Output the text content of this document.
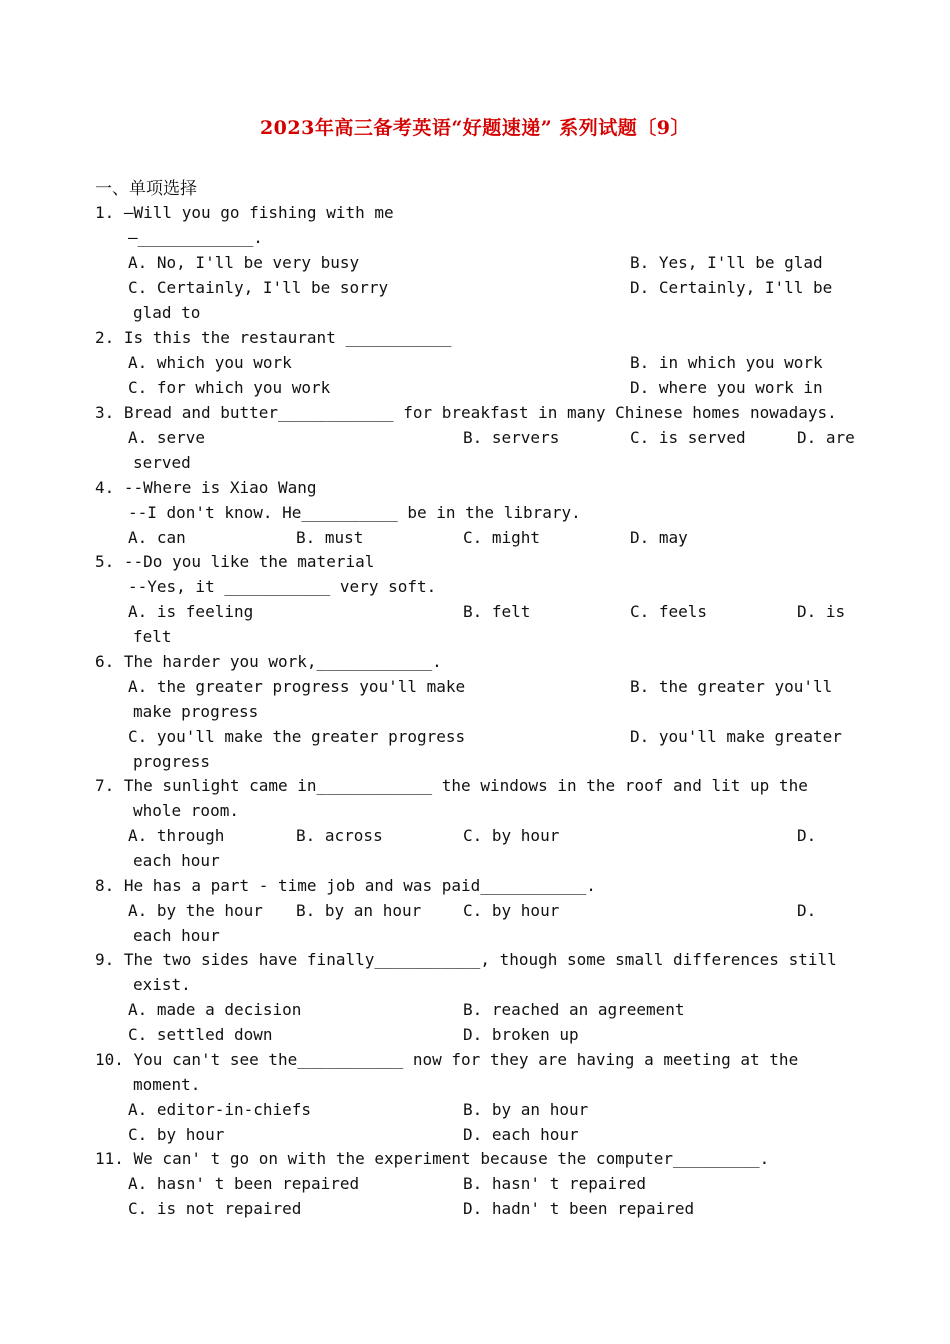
2023年高三备考英语“好题速递” 系列试题〔9〕
一、单项选择
1. —Will you go fishing with me
—____________.
A. No, I'll be very busy	B. Yes, I'll be glad
C. Certainly, I'll be sorry	D. Certainly, I'll be
glad to
2. Is this the restaurant ___________
A. which you work	B. in which you work
C. for which you work	D. where you work in
3. Bread and butter____________ for breakfast in many Chinese homes nowadays.
A. serve	B. servers	C. is served	D. are
served
4. --Where is Xiao Wang
--I don't know. He__________ be in the library.
A. can	B. must	C. might	D. may
5. --Do you like the material
--Yes, it ___________ very soft.
A. is feeling	B. felt	C. feels	D. is
felt
6. The harder you work,____________.
A. the greater progress you'll make	B. the greater you'll
make progress
C. you'll make the greater progress	D. you'll make greater
progress
7. The sunlight came in____________ the windows in the roof and lit up the
whole room.
A. through	B. across	C. by hour	D.
each hour
8. He has a part - time job and was paid___________.
A. by the hour B. by an hour	C. by hour	D.
each hour
9. The two sides have finally___________, though some small differences still
exist.
A. made a decision	B. reached an agreement
C. settled down	D. broken up
10. You can't see the___________ now for they are having a meeting at the
moment.
A. editor-in-chiefs	B. by an hour
C. by hour	D. each hour
11. We can' t go on with the experiment because the computer_________.
A. hasn' t been repaired	B. hasn' t repaired
C. is not repaired	D. hadn' t been repaired
